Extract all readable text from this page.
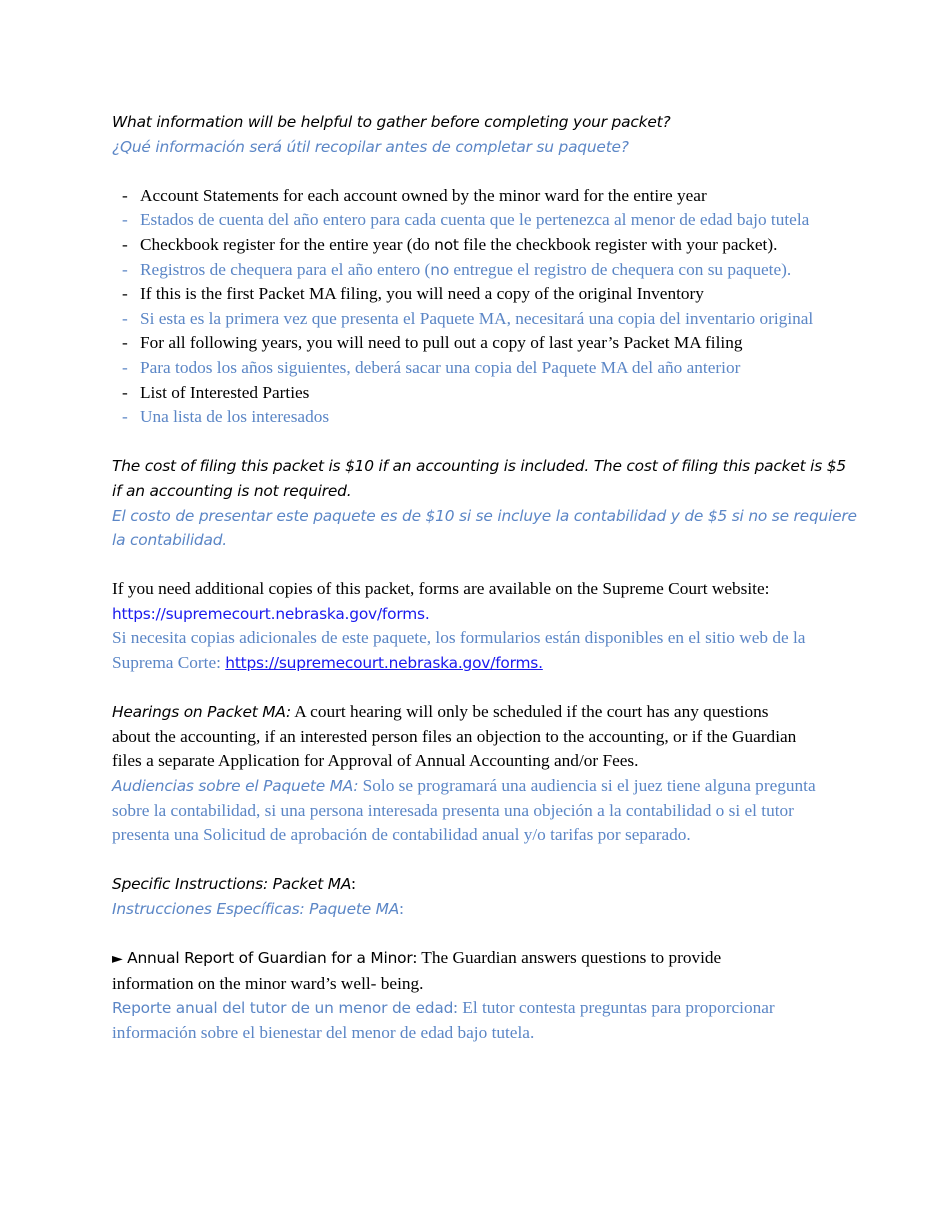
What information will be helpful to gather before completing your packet?
¿Qué información será útil recopilar antes de completar su paquete?
- Account Statements for each account owned by the minor ward for the entire year
- Estados de cuenta del año entero para cada cuenta que le pertenezca al menor de edad bajo tutela
- Checkbook register for the entire year (do not file the checkbook register with your packet).
- Registros de chequera para el año entero (no entregue el registro de chequera con su paquete).
- If this is the first Packet MA filing, you will need a copy of the original Inventory
- Si esta es la primera vez que presenta el Paquete MA, necesitará una copia del inventario original
- For all following years, you will need to pull out a copy of last year’s Packet MA filing
- Para todos los años siguientes, deberá sacar una copia del Paquete MA del año anterior
- List of Interested Parties
- Una lista de los interesados
The cost of filing this packet is $10 if an accounting is included. The cost of filing this packet is $5
if an accounting is not required.
El costo de presentar este paquete es de $10 si se incluye la contabilidad y de $5 si no se requiere
la contabilidad.
If you need additional copies of this packet, forms are available on the Supreme Court website:
https://supremecourt.nebraska.gov/forms.
Si necesita copias adicionales de este paquete, los formularios están disponibles en el sitio web de la
Suprema Corte: https://supremecourt.nebraska.gov/forms.
Hearings on Packet MA: A court hearing will only be scheduled if the court has any questions
about the accounting, if an interested person files an objection to the accounting, or if the Guardian
files a separate Application for Approval of Annual Accounting and/or Fees.
Audiencias sobre el Paquete MA: Solo se programará una audiencia si el juez tiene alguna pregunta
sobre la contabilidad, si una persona interesada presenta una objeción a la contabilidad o si el tutor
presenta una Solicitud de aprobación de contabilidad anual y/o tarifas por separado.
Specific Instructions: Packet MA:
Instrucciones Específicas: Paquete MA:
► Annual Report of Guardian for a Minor: The Guardian answers questions to provide
information on the minor ward’s well- being.
Reporte anual del tutor de un menor de edad: El tutor contesta preguntas para proporcionar
información sobre el bienestar del menor de edad bajo tutela.
